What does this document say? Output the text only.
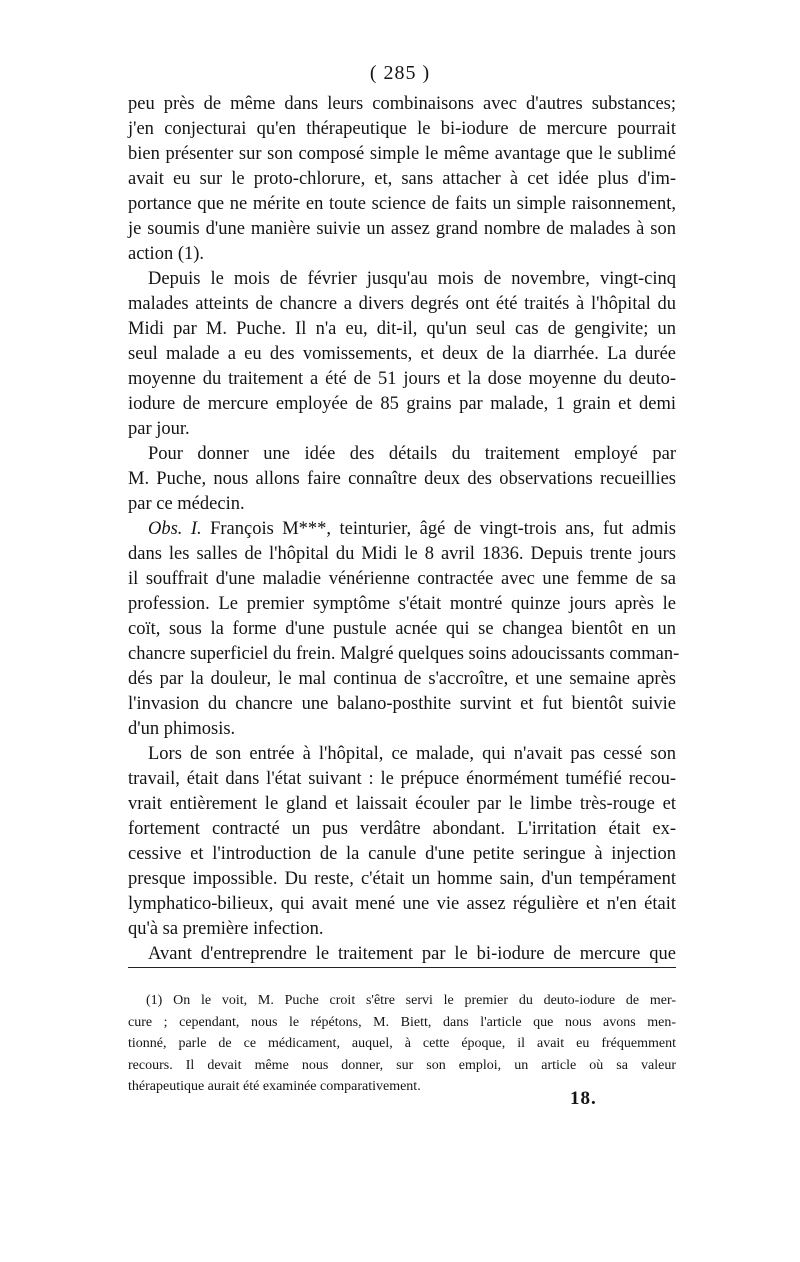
( 285 )
peu près de même dans leurs combinaisons avec d'autres substances;
j'en conjecturai qu'en thérapeutique le bi-iodure de mercure pourrait
bien présenter sur son composé simple le même avantage que le sublimé
avait eu sur le proto-chlorure, et, sans attacher à cet idée plus d'im-
portance que ne mérite en toute science de faits un simple raisonnement,
je soumis d'une manière suivie un assez grand nombre de malades à son
action (1).
Depuis le mois de février jusqu'au mois de novembre, vingt-cinq
malades atteints de chancre a divers degrés ont été traités à l'hôpital du
Midi par M. Puche. Il n'a eu, dit-il, qu'un seul cas de gengivite; un
seul malade a eu des vomissements, et deux de la diarrhée. La durée
moyenne du traitement a été de 51 jours et la dose moyenne du deuto-
iodure de mercure employée de 85 grains par malade, 1 grain et demi
par jour.
Pour donner une idée des détails du traitement employé par
M. Puche, nous allons faire connaître deux des observations recueillies
par ce médecin.
Obs. I. François M***, teinturier, âgé de vingt-trois ans, fut admis
dans les salles de l'hôpital du Midi le 8 avril 1836. Depuis trente jours
il souffrait d'une maladie vénérienne contractée avec une femme de sa
profession. Le premier symptôme s'était montré quinze jours après le
coït, sous la forme d'une pustule acnée qui se changea bientôt en un
chancre superficiel du frein. Malgré quelques soins adoucissants comman-
dés par la douleur, le mal continua de s'accroître, et une semaine après
l'invasion du chancre une balano-posthite survint et fut bientôt suivie
d'un phimosis.
Lors de son entrée à l'hôpital, ce malade, qui n'avait pas cessé son
travail, était dans l'état suivant : le prépuce énormément tuméfié recou-
vrait entièrement le gland et laissait écouler par le limbe très-rouge et
fortement contracté un pus verdâtre abondant. L'irritation était ex-
cessive et l'introduction de la canule d'une petite seringue à injection
presque impossible. Du reste, c'était un homme sain, d'un tempérament
lymphatico-bilieux, qui avait mené une vie assez régulière et n'en était
qu'à sa première infection.
Avant d'entreprendre le traitement par le bi-iodure de mercure que
(1) On le voit, M. Puche croit s'être servi le premier du deuto-iodure de mer-
cure ; cependant, nous le répétons, M. Biett, dans l'article que nous avons men-
tionné, parle de ce médicament, auquel, à cette époque, il avait eu fréquemment
recours. Il devait même nous donner, sur son emploi, un article où sa valeur
thérapeutique aurait été examinée comparativement.
18.
